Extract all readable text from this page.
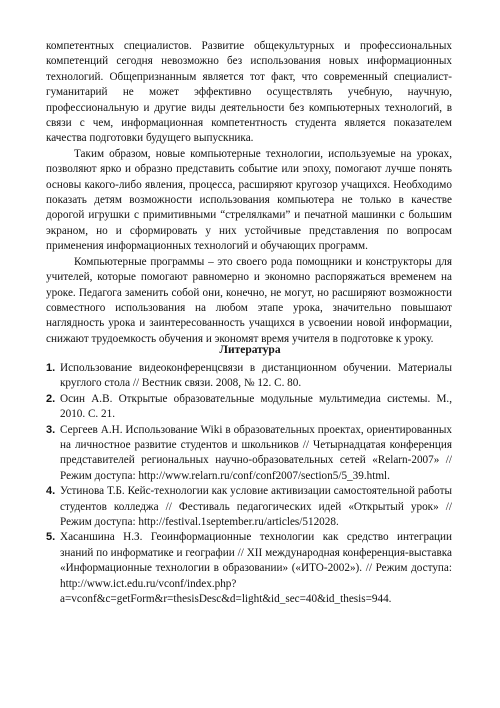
компетентных специалистов. Развитие общекультурных и профессиональных компетенций сегодня невозможно без использования новых информационных технологий. Общепризнанным является тот факт, что современный специалист-гуманитарий не может эффективно осуществлять учебную, научную, профессиональную и другие виды деятельности без компьютерных технологий, в связи с чем, информационная компетентность студента является показателем качества подготовки будущего выпускника.

Таким образом, новые компьютерные технологии, используемые на уроках, позволяют ярко и образно представить событие или эпоху, помогают лучше понять основы какого-либо явления, процесса, расширяют кругозор учащихся. Необходимо показать детям возможности использования компьютера не только в качестве дорогой игрушки с примитивными “стрелялками” и печатной машинки с большим экраном, но и сформировать у них устойчивые представления по вопросам применения информационных технологий и обучающих программ.

Компьютерные программы – это своего рода помощники и конструкторы для учителей, которые помогают равномерно и экономно распоряжаться временем на уроке. Педагога заменить собой они, конечно, не могут, но расширяют возможности совместного использования на любом этапе урока, значительно повышают наглядность урока и заинтересованность учащихся в усвоении новой информации, снижают трудоемкость обучения и экономят время учителя в подготовке к уроку.

Литература
1. Использование видеоконференцсвязи в дистанционном обучении. Материалы круглого стола // Вестник связи. 2008, № 12. С. 80.
2. Осин А.В. Открытые образовательные модульные мультимедиа системы. М., 2010. С. 21.
3. Сергеев А.Н. Использование Wiki в образовательных проектах, ориентированных на личностное развитие студентов и школьников // Четырнадцатая конференция представителей региональных научно-образовательных сетей «Relarn-2007» // Режим доступа: http://www.relarn.ru/conf/conf2007/section5/5_39.html.
4. Устинова Т.Б. Кейс-технологии как условие активизации самостоятельной работы студентов колледжа // Фестиваль педагогических идей «Открытый урок» // Режим доступа: http://festival.1september.ru/articles/512028.
5. Хасаншина Н.З. Геоинформационные технологии как средство интеграции знаний по информатике и географии // XII международная конференция-выставка «Информационные технологии в образовании» («ИТО-2002»). // Режим доступа: http://www.ict.edu.ru/vconf/index.php?a=vconf&c=getForm&r=thesisDesc&d=light&id_sec=40&id_thesis=944.
